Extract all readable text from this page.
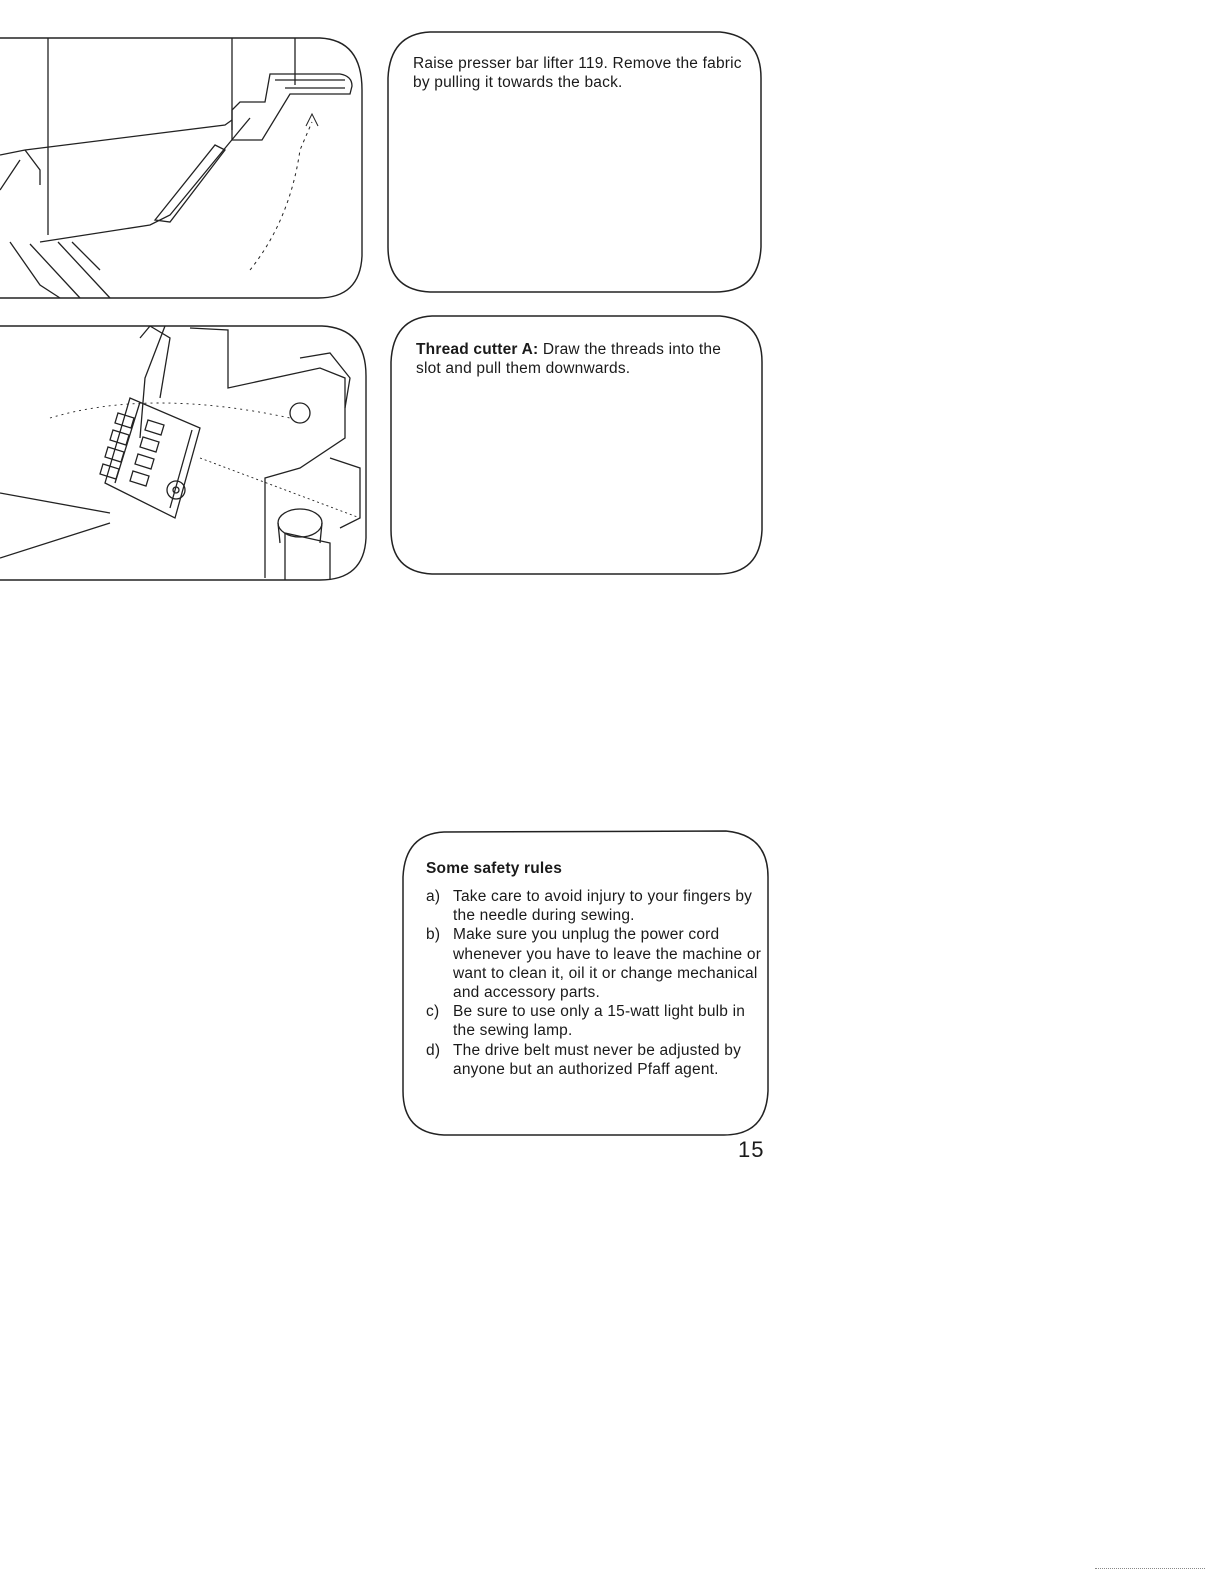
Raise presser bar lifter 119. Remove the fabric by pulling it towards the back.
Thread cutter A: Draw the threads into the slot and pull them downwards.
Some safety rules
a) Take care to avoid injury to your fingers by the needle during sewing.
b) Make sure you unplug the power cord whenever you have to leave the machine or want to clean it, oil it or change mechanical and accessory parts.
c) Be sure to use only a 15-watt light bulb in the sewing lamp.
d) The drive belt must never be adjusted by anyone but an authorized Pfaff agent.
15
